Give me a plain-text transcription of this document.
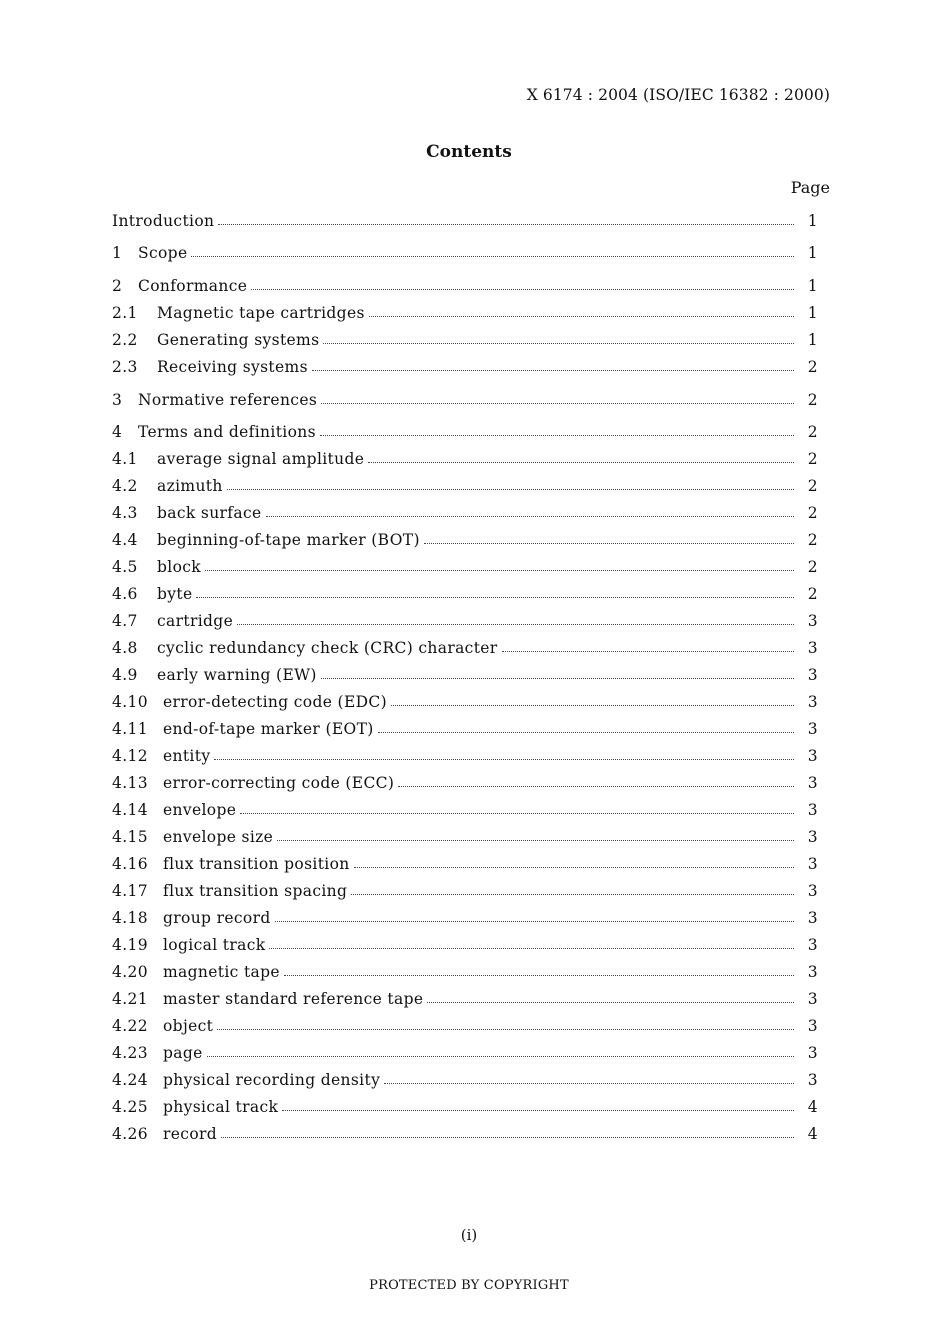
X 6174 : 2004 (ISO/IEC 16382 : 2000)
Contents
Page
Introduction	1
1	Scope	1
2	Conformance	1
2.1	Magnetic tape cartridges	1
2.2	Generating systems	1
2.3	Receiving systems	2
3	Normative references	2
4	Terms and definitions	2
4.1	average signal amplitude	2
4.2	azimuth	2
4.3	back surface	2
4.4	beginning-of-tape marker (BOT)	2
4.5	block	2
4.6	byte	2
4.7	cartridge	3
4.8	cyclic redundancy check (CRC) character	3
4.9	early warning (EW)	3
4.10 error-detecting code (EDC)	3
4.11 end-of-tape marker (EOT)	3
4.12 entity	3
4.13 error-correcting code (ECC)	3
4.14 envelope	3
4.15 envelope size	3
4.16 flux transition position	3
4.17 flux transition spacing	3
4.18 group record	3
4.19 logical track	3
4.20 magnetic tape	3
4.21 master standard reference tape	3
4.22 object	3
4.23 page	3
4.24 physical recording density	3
4.25 physical track	4
4.26 record	4
(i)
PROTECTED BY COPYRIGHT
